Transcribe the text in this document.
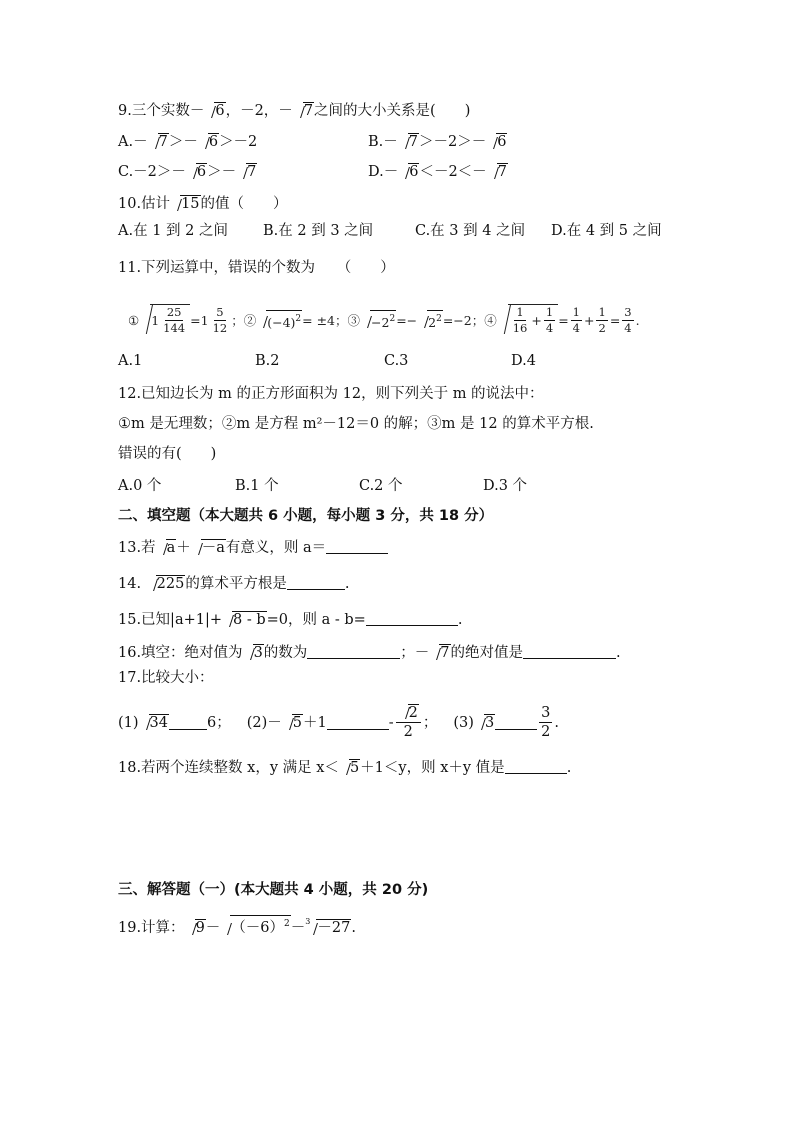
9.三个实数－ 6，－2，－ 7之间的大小关系是(　　)
A.－ 7＞－ 6＞－2	B.－ 7＞－2＞－ 6
C.－2＞－ 6＞－ 7	D.－ 6＜－2＜－ 7
10.估计 15的值（　　）
A.在 1 到 2 之间 B.在 2 到 3 之间	C.在 3 到 4 之间 D.在 4 到 5 之间
11.下列运算中，错误的个数为　　（　　）
① $1 \frac{25}{144} =1 \frac{5}{12}$ ；② $(-4)^2 = \pm 4$；③ $-2^2 =- 2^2 =-2$；④ $\frac{1}{16} + \frac{1}{4} = \frac{1}{4} + \frac{1}{2} = \frac{3}{4}$ .
A.1	B.2	C.3	D.4
12.已知边长为 m 的正方形面积为 12，则下列关于 m 的说法中：
①m 是无理数；②m 是方程 m²－12＝0 的解；③m 是 12 的算术平方根.
错误的有(　　)
A.0 个	B.1 个	C.2 个	D.3 个
二、填空题（本大题共 6 小题，每小题 3 分，共 18 分）
13.若 a＋ －a有意义，则 a＝
14. 225的算术平方根是	.
15.已知|a+1|+ 8 - b=0，则 a - b=	.
16.填空：绝对值为 3的数为	；－ 7的绝对值是	.
17.比较大小：
(1) 34	6； (2)－ 5 ＋1	- $\frac{2}{2}$ ； (3) 3	$\frac{3}{2}$ .
18.若两个连续整数 x，y 满足 x＜ 5＋1＜y，则 x＋y 值是	.
三、解答题（一）(本大题共 4 小题，共 20 分)
19.计算： $9- (-6)^2-^3 -27$.
